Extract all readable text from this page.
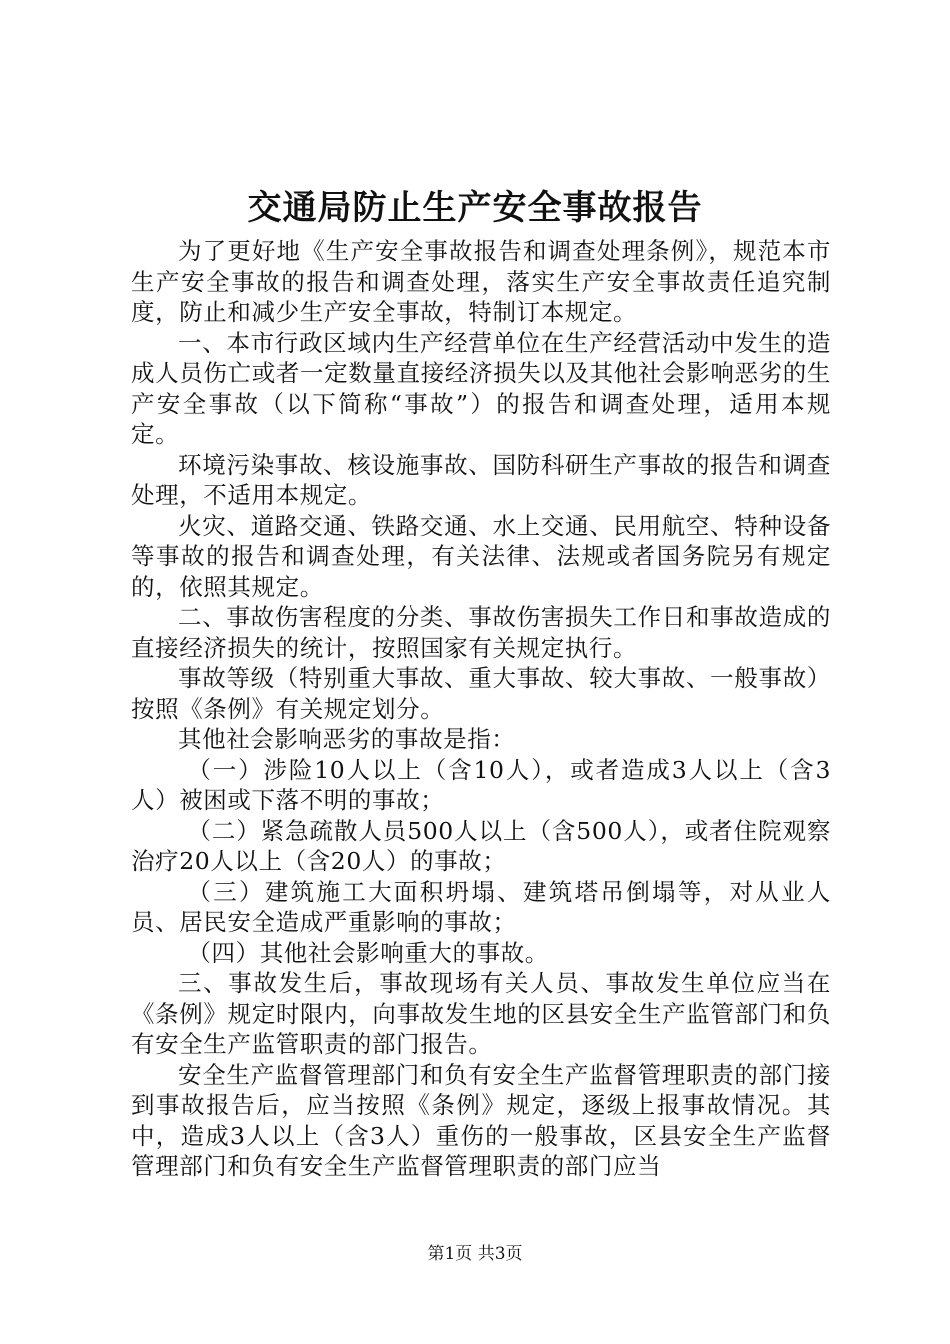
交通局防止生产安全事故报告

为了更好地《生产安全事故报告和调查处理条例》，规范本市生产安全事故的报告和调查处理，落实生产安全事故责任追究制度，防止和减少生产安全事故，特制订本规定。

一、本市行政区域内生产经营单位在生产经营活动中发生的造成人员伤亡或者一定数量直接经济损失以及其他社会影响恶劣的生产安全事故（以下简称“事故”）的报告和调查处理，适用本规定。

环境污染事故、核设施事故、国防科研生产事故的报告和调查处理，不适用本规定。

火灾、道路交通、铁路交通、水上交通、民用航空、特种设备等事故的报告和调查处理，有关法律、法规或者国务院另有规定的，依照其规定。

二、事故伤害程度的分类、事故伤害损失工作日和事故造成的直接经济损失的统计，按照国家有关规定执行。

事故等级（特别重大事故、重大事故、较大事故、一般事故）按照《条例》有关规定划分。

其他社会影响恶劣的事故是指：

（一）涉险10人以上（含10人），或者造成3人以上（含3人）被困或下落不明的事故；

（二）紧急疏散人员500人以上（含500人），或者住院观察治疗20人以上（含20人）的事故；

（三）建筑施工大面积坍塌、建筑塔吊倒塌等，对从业人员、居民安全造成严重影响的事故；

（四）其他社会影响重大的事故。

三、事故发生后，事故现场有关人员、事故发生单位应当在《条例》规定时限内，向事故发生地的区县安全生产监管部门和负有安全生产监管职责的部门报告。

安全生产监督管理部门和负有安全生产监督管理职责的部门接到事故报告后，应当按照《条例》规定，逐级上报事故情况。其中，造成3人以上（含3人）重伤的一般事故，区县安全生产监督管理部门和负有安全生产监督管理职责的部门应当

第1页 共3页
